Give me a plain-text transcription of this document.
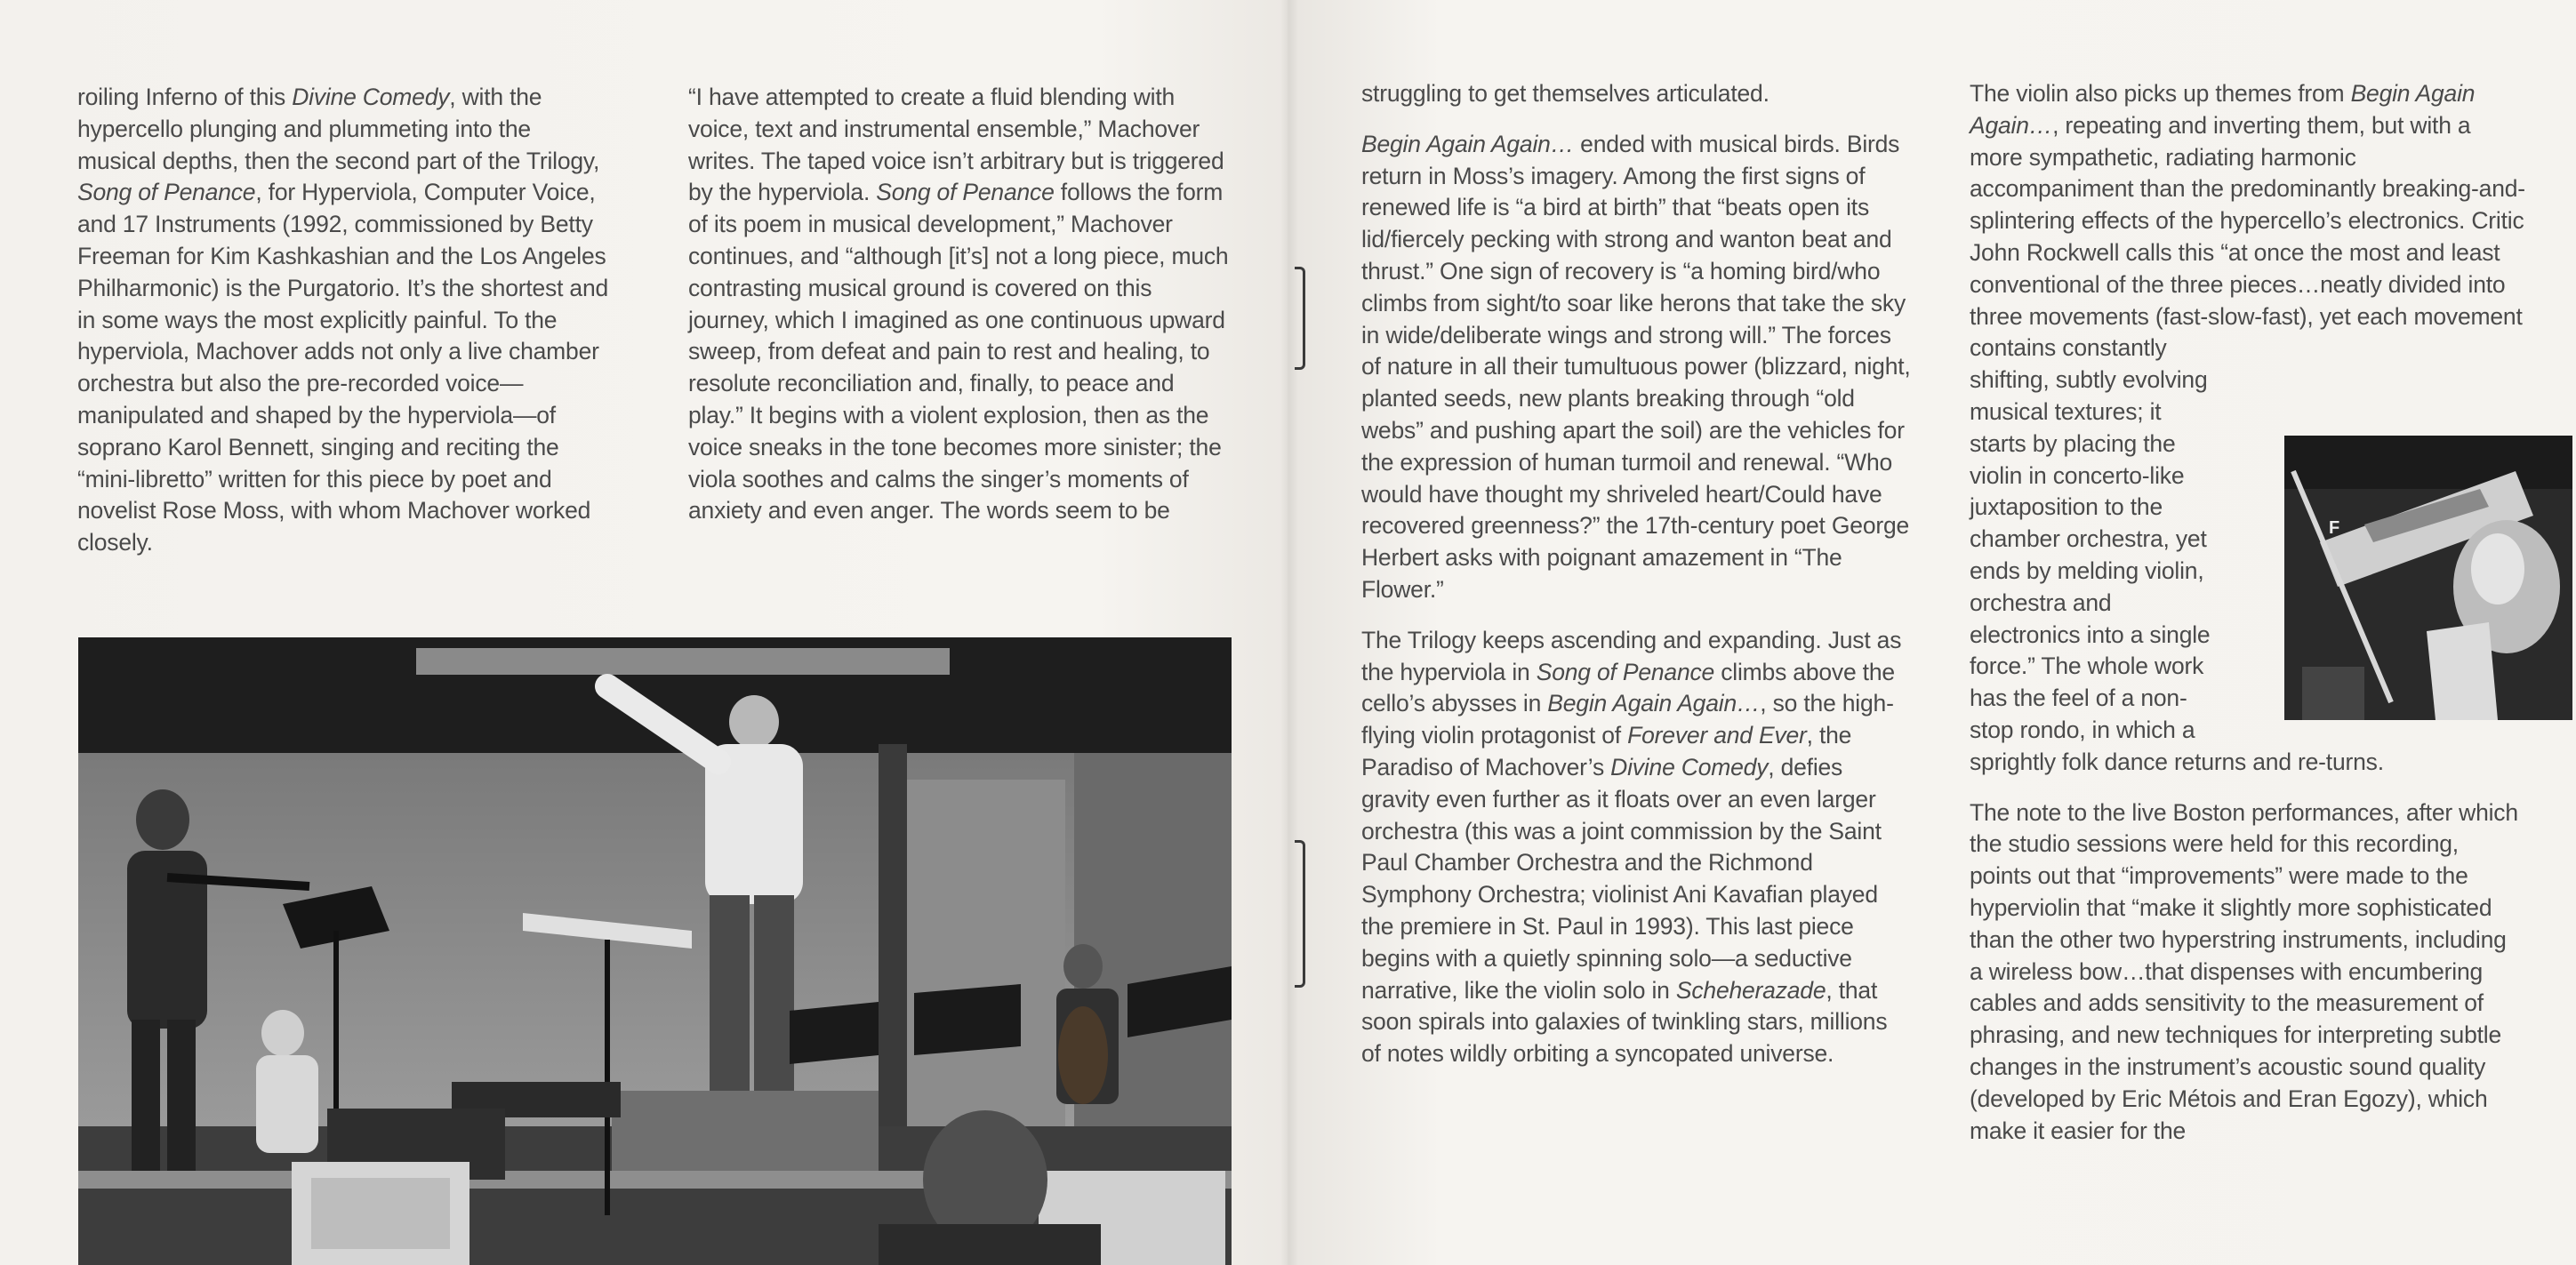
roiling Inferno of this Divine Comedy, with the hypercello plunging and plummeting into the musical depths, then the second part of the Trilogy, Song of Penance, for Hyperviola, Computer Voice, and 17 Instruments (1992, commissioned by Betty Freeman for Kim Kashkashian and the Los Angeles Philharmonic) is the Purgatorio. It’s the shortest and in some ways the most explicitly painful. To the hyperviola, Machover adds not only a live chamber orchestra but also the pre-recorded voice—manipulated and shaped by the hyperviola—of soprano Karol Bennett, singing and reciting the “mini-libretto” written for this piece by poet and novelist Rose Moss, with whom Machover worked closely.

“I have attempted to create a fluid blending with voice, text and instrumental ensemble,” Machover writes. The taped voice isn’t arbitrary but is triggered by the hyperviola. Song of Penance follows the form of its poem in musical development,” Machover continues, and “although [it’s] not a long piece, much contrasting musical ground is covered on this journey, which I imagined as one continuous upward sweep, from defeat and pain to rest and healing, to resolute reconciliation and, finally, to peace and play.” It begins with a violent explosion, then as the voice sneaks in the tone becomes more sinister; the viola soothes and calms the singer’s moments of anxiety and even anger. The words seem to be

struggling to get themselves articulated.

Begin Again Again… ended with musical birds. Birds return in Moss’s imagery. Among the first signs of renewed life is “a bird at birth” that “beats open its lid/fiercely pecking with strong and wanton beat and thrust.” One sign of recovery is “a homing bird/who climbs from sight/to soar like herons that take the sky in wide/deliberate wings and strong will.” The forces of nature in all their tumultuous power (blizzard, night, planted seeds, new plants breaking through “old webs” and pushing apart the soil) are the vehicles for the expression of human turmoil and renewal. “Who would have thought my shriveled heart/Could have recovered greenness?” the 17th-century poet George Herbert asks with poignant amazement in “The Flower.”

The Trilogy keeps ascending and expanding. Just as the hyperviola in Song of Penance climbs above the cello’s abysses in Begin Again Again…, so the high-flying violin protagonist of Forever and Ever, the Paradiso of Machover’s Divine Comedy, defies gravity even further as it floats over an even larger orchestra (this was a joint commission by the Saint Paul Chamber Orchestra and the Richmond Symphony Orchestra; violinist Ani Kavafian played the premiere in St. Paul in 1993). This last piece begins with a quietly spinning solo—a seductive narrative, like the violin solo in Scheherazade, that soon spirals into galaxies of twinkling stars, millions of notes wildly orbiting a syncopated universe.

The violin also picks up themes from Begin Again Again…, repeating and inverting them, but with a more sympathetic, radiating harmonic accompaniment than the predominantly breaking-and-splintering effects of the hypercello’s electronics. Critic John Rockwell calls this “at once the most and least conventional of the three pieces…neatly divided into three movements (fast-slow-fast), yet each movement contains constantly

shifting, subtly evolving
musical textures; it
starts by placing the
violin in concerto-like
juxtaposition to the
chamber orchestra, yet
ends by melding violin,
orchestra and
electronics into a single
force.” The whole work
has the feel of a non-
stop rondo, in which a

sprightly folk dance returns and re-turns.

The note to the live Boston performances, after which the studio sessions were held for this recording, points out that “improvements” were made to the hyperviolin that “make it slightly more sophisticated than the other two hyperstring instruments, including a wireless bow…that dispenses with encumbering cables and adds sensitivity to the measurement of phrasing, and new techniques for interpreting subtle changes in the instrument’s acoustic sound quality (developed by Eric Métois and Eran Egozy), which make it easier for the

F
